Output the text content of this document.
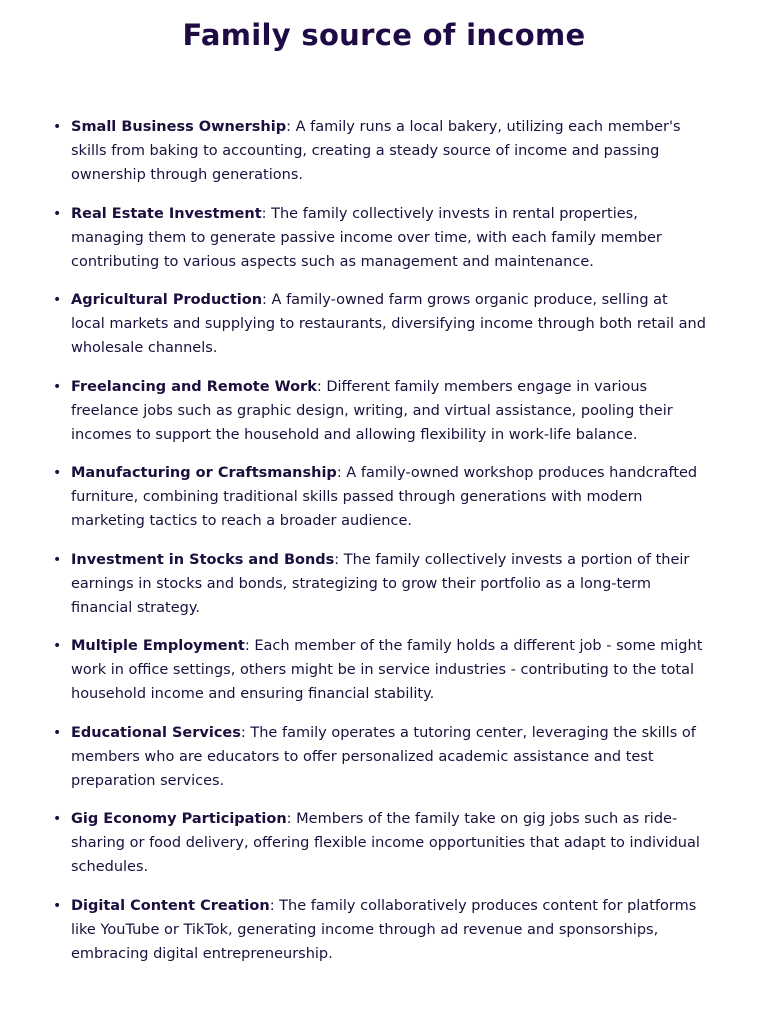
Family source of income
• Small Business Ownership: A family runs a local bakery, utilizing each member's skills from baking to accounting, creating a steady source of income and passing ownership through generations.
• Real Estate Investment: The family collectively invests in rental properties, managing them to generate passive income over time, with each family member contributing to various aspects such as management and maintenance.
• Agricultural Production: A family-owned farm grows organic produce, selling at local markets and supplying to restaurants, diversifying income through both retail and wholesale channels.
• Freelancing and Remote Work: Different family members engage in various freelance jobs such as graphic design, writing, and virtual assistance, pooling their incomes to support the household and allowing flexibility in work-life balance.
• Manufacturing or Craftsmanship: A family-owned workshop produces handcrafted furniture, combining traditional skills passed through generations with modern marketing tactics to reach a broader audience.
• Investment in Stocks and Bonds: The family collectively invests a portion of their earnings in stocks and bonds, strategizing to grow their portfolio as a long-term financial strategy.
• Multiple Employment: Each member of the family holds a different job - some might work in office settings, others might be in service industries - contributing to the total household income and ensuring financial stability.
• Educational Services: The family operates a tutoring center, leveraging the skills of members who are educators to offer personalized academic assistance and test preparation services.
• Gig Economy Participation: Members of the family take on gig jobs such as ride-sharing or food delivery, offering flexible income opportunities that adapt to individual schedules.
• Digital Content Creation: The family collaboratively produces content for platforms like YouTube or TikTok, generating income through ad revenue and sponsorships, embracing digital entrepreneurship.
